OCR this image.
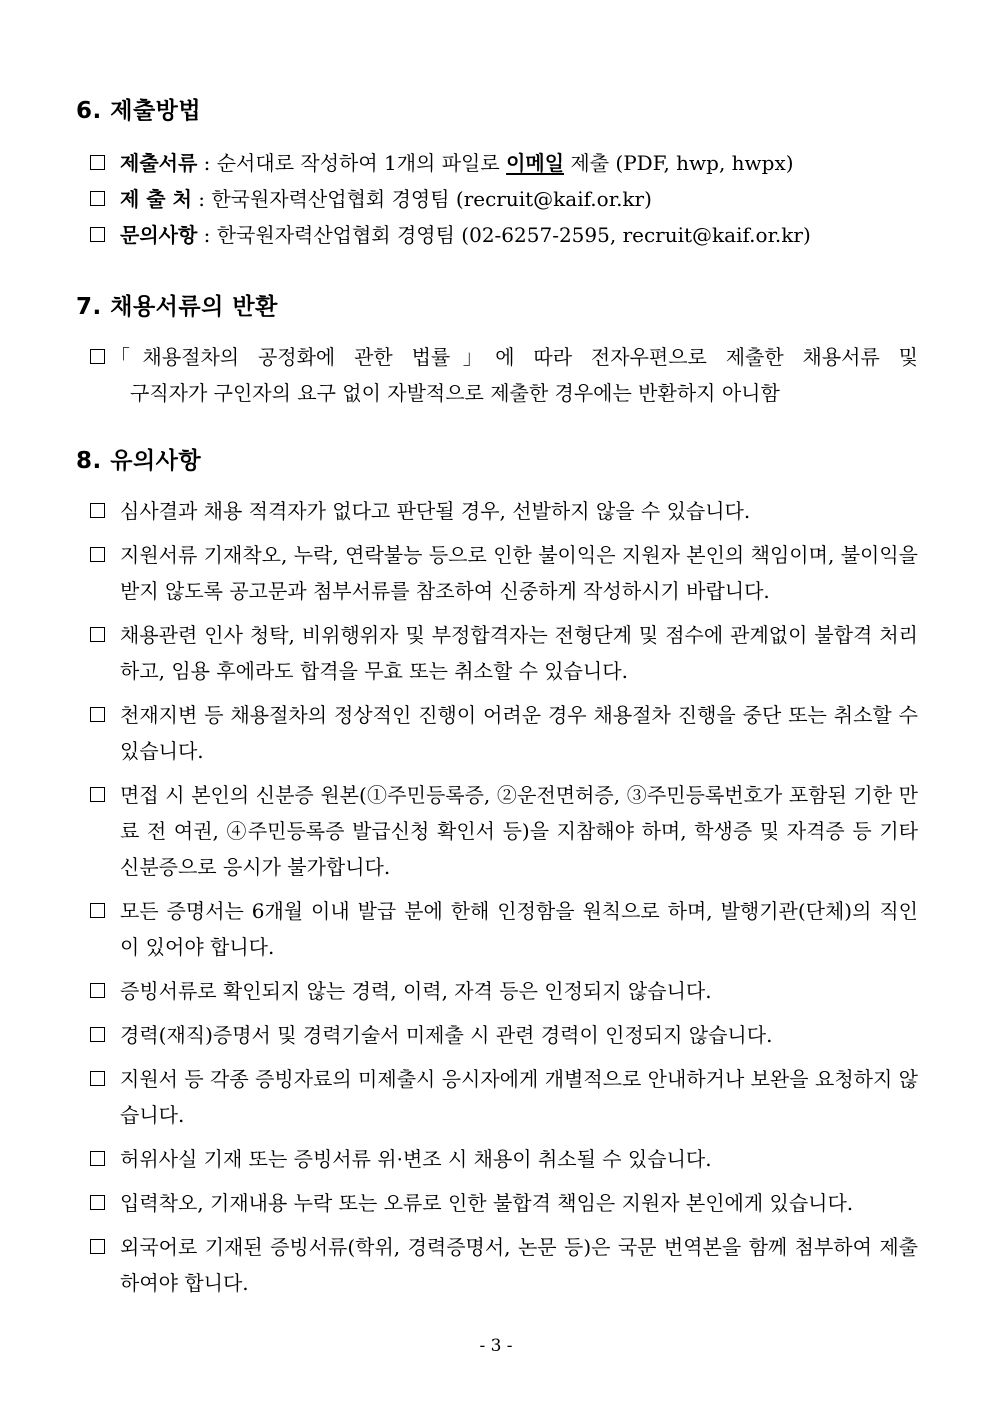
6. 제출방법

제출서류 : 순서대로 작성하여 1개의 파일로 이메일 제출 (PDF, hwp, hwpx)

제 출 처 : 한국원자력산업협회 경영팀 (recruit@kaif.or.kr)

문의사항 : 한국원자력산업협회 경영팀 (02-6257-2595, recruit@kaif.or.kr)

7. 채용서류의 반환

「채용절차의 공정화에 관한 법률」에 따라 전자우편으로 제출한 채용서류 및

구직자가 구인자의 요구 없이 자발적으로 제출한 경우에는 반환하지 아니함

8. 유의사항

심사결과 채용 적격자가 없다고 판단될 경우, 선발하지 않을 수 있습니다.

지원서류 기재착오, 누락, 연락불능 등으로 인한 불이익은 지원자 본인의 책임이며, 불이익을 받지 않도록 공고문과 첨부서류를 참조하여 신중하게 작성하시기 바랍니다.

채용관련 인사 청탁, 비위행위자 및 부정합격자는 전형단계 및 점수에 관계없이 불합격 처리하고, 임용 후에라도 합격을 무효 또는 취소할 수 있습니다.

천재지변 등 채용절차의 정상적인 진행이 어려운 경우 채용절차 진행을 중단 또는 취소할 수 있습니다.

면접 시 본인의 신분증 원본(①주민등록증, ②운전면허증, ③주민등록번호가 포함된 기한 만료 전 여권, ④주민등록증 발급신청 확인서 등)을 지참해야 하며, 학생증 및 자격증 등 기타 신분증으로 응시가 불가합니다.

모든 증명서는 6개월 이내 발급 분에 한해 인정함을 원칙으로 하며, 발행기관(단체)의 직인이 있어야 합니다.

증빙서류로 확인되지 않는 경력, 이력, 자격 등은 인정되지 않습니다.

경력(재직)증명서 및 경력기술서 미제출 시 관련 경력이 인정되지 않습니다.

지원서 등 각종 증빙자료의 미제출시 응시자에게 개별적으로 안내하거나 보완을 요청하지 않습니다.

허위사실 기재 또는 증빙서류 위·변조 시 채용이 취소될 수 있습니다.

입력착오, 기재내용 누락 또는 오류로 인한 불합격 책임은 지원자 본인에게 있습니다.

외국어로 기재된 증빙서류(학위, 경력증명서, 논문 등)은 국문 번역본을 함께 첨부하여 제출하여야 합니다.

- 3 -
